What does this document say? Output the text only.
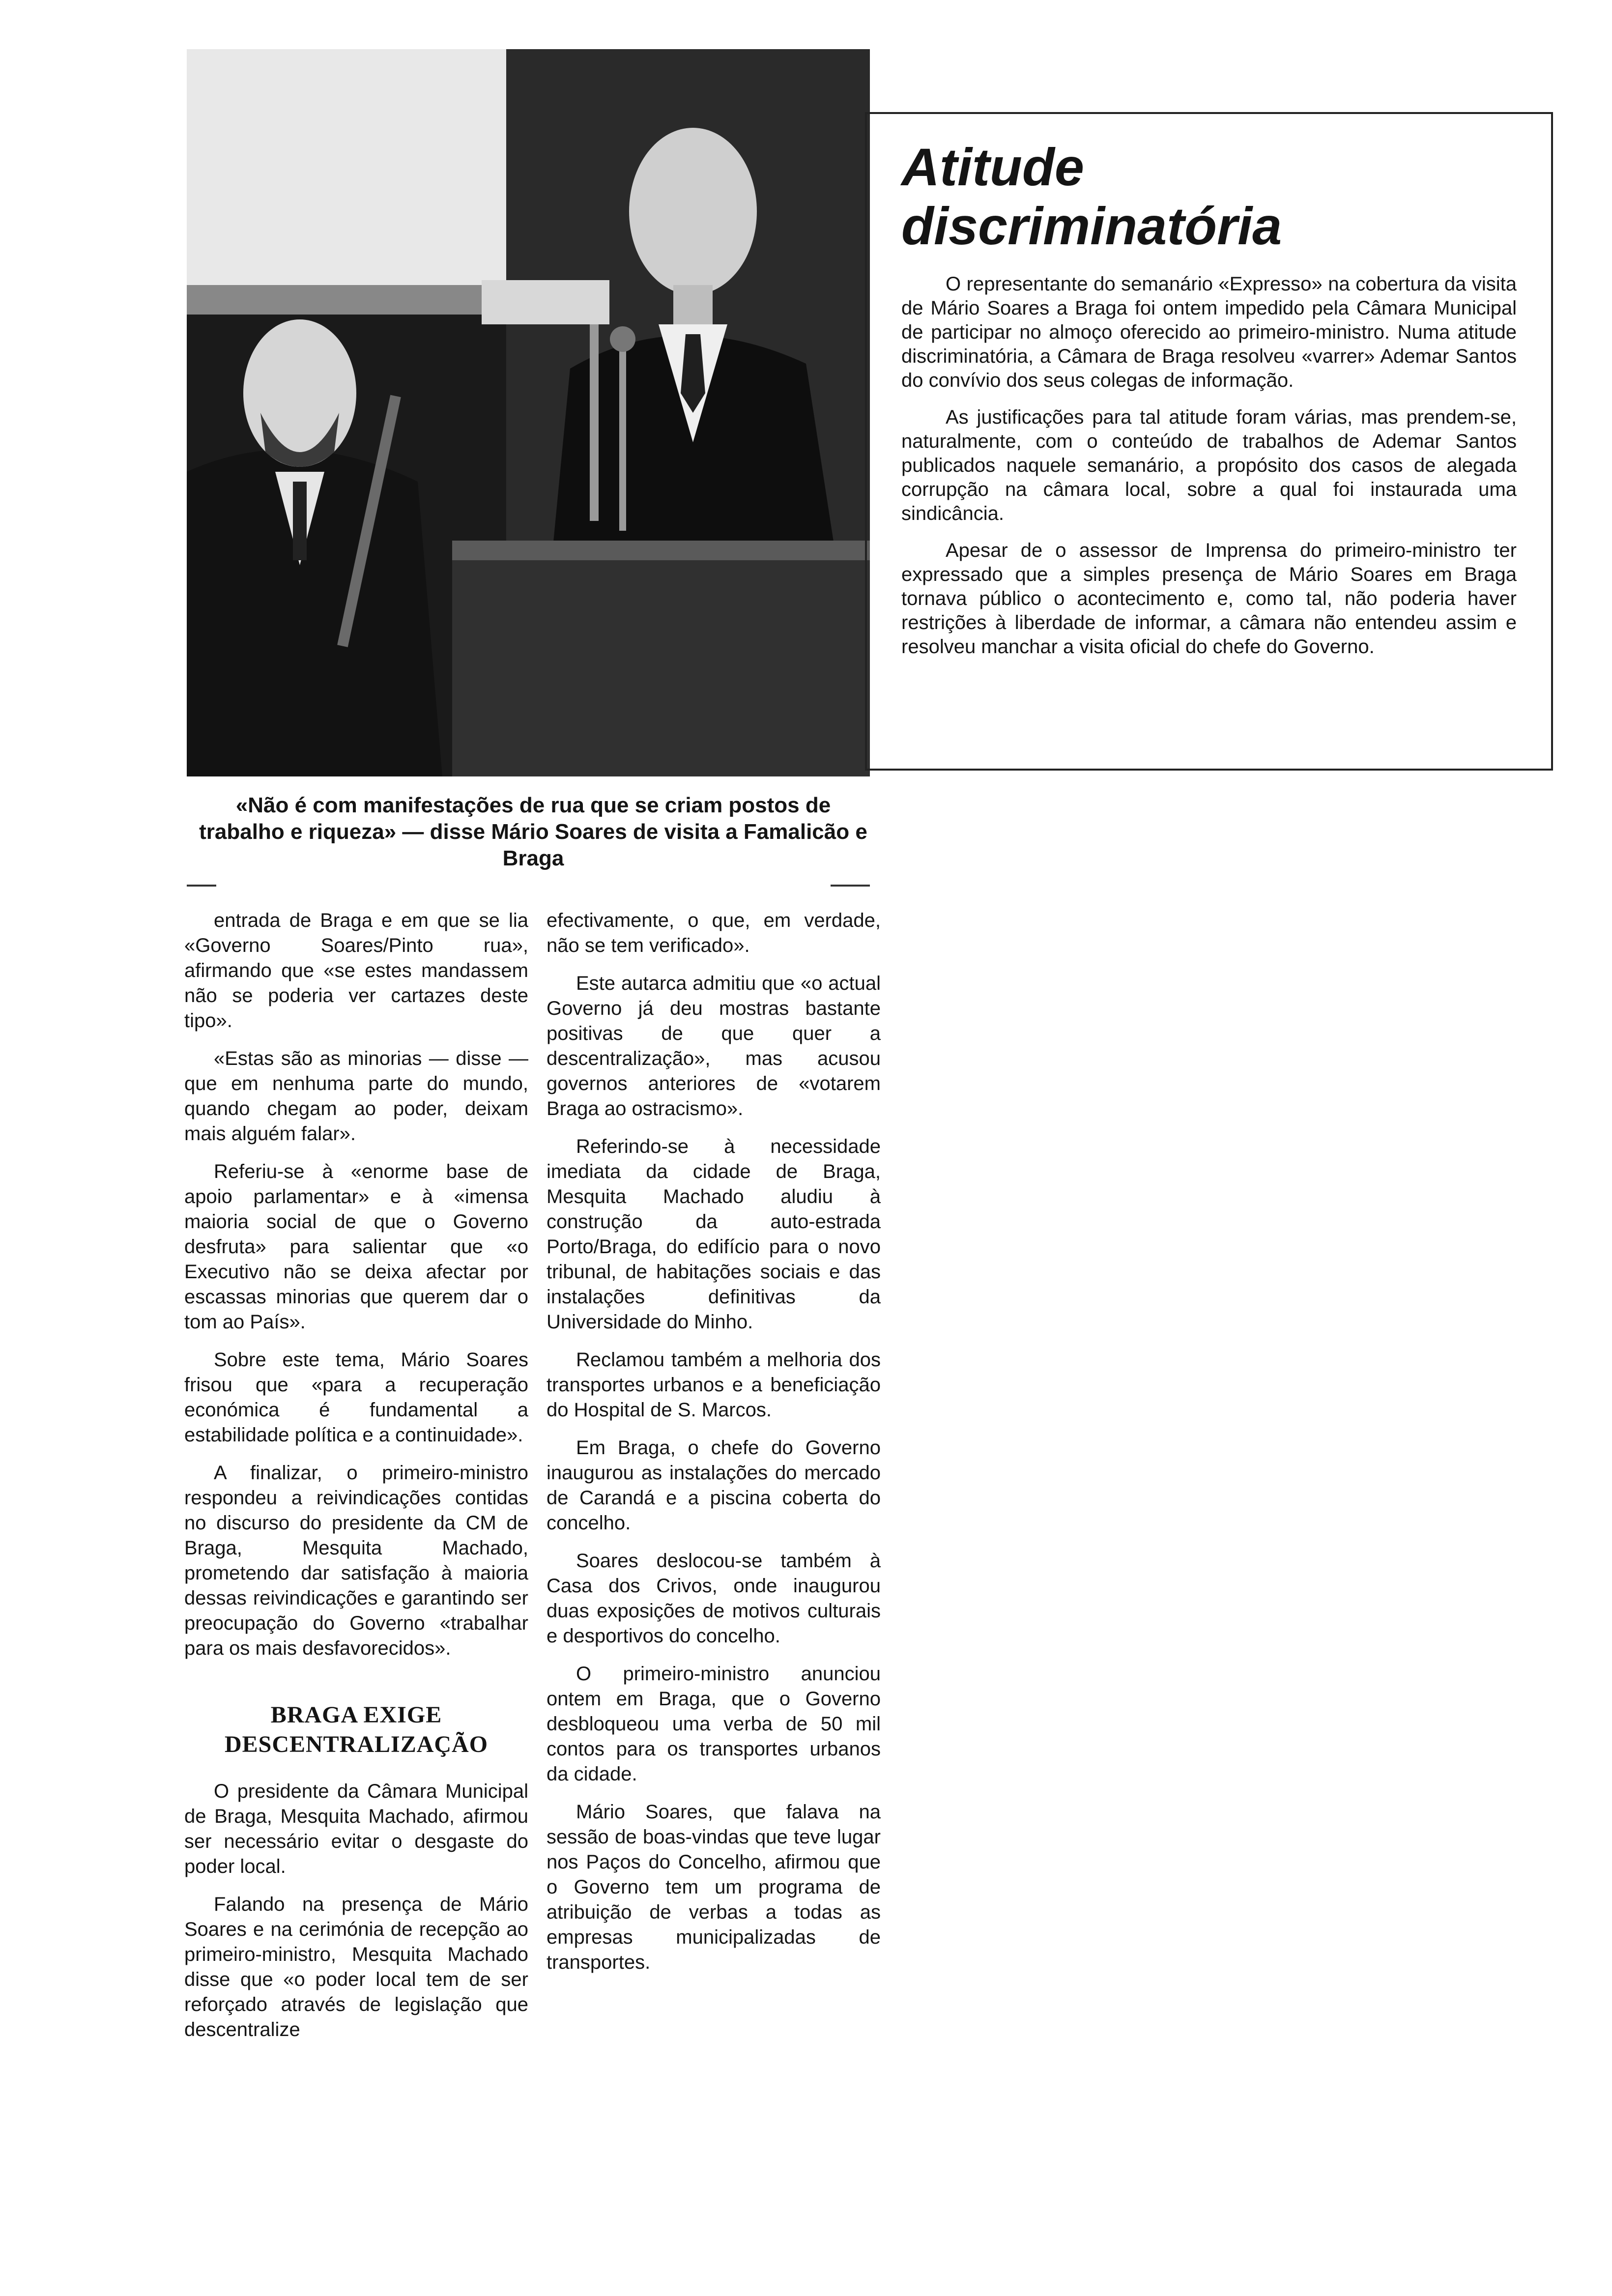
«Não é com manifestações de rua que se criam postos de trabalho e riqueza» — disse Mário Soares de visita a Famalicão e Braga
Atitude
discriminatória

O representante do semanário «Expresso» na cobertura da visita de Mário Soares a Braga foi ontem impedido pela Câmara Municipal de participar no almoço oferecido ao primeiro-ministro. Numa atitude discriminatória, a Câmara de Braga resolveu «varrer» Ademar Santos do convívio dos seus colegas de informação.

As justificações para tal atitude foram várias, mas prendem-se, naturalmente, com o conteúdo de trabalhos de Ademar Santos publicados naquele semanário, a propósito dos casos de alegada corrupção na câmara local, sobre a qual foi instaurada uma sindicância.

Apesar de o assessor de Imprensa do primeiro-ministro ter expressado que a simples presença de Mário Soares em Braga tornava público o acontecimento e, como tal, não poderia haver restrições à liberdade de informar, a câmara não entendeu assim e resolveu manchar a visita oficial do chefe do Governo.

entrada de Braga e em que se lia «Governo Soares/Pinto rua», afirmando que «se estes mandassem não se poderia ver cartazes deste tipo».

«Estas são as minorias — disse — que em nenhuma parte do mundo, quando chegam ao poder, deixam mais alguém falar».

Referiu-se à «enorme base de apoio parlamentar» e à «imensa maioria social de que o Governo desfruta» para salientar que «o Executivo não se deixa afectar por escassas minorias que querem dar o tom ao País».

Sobre este tema, Mário Soares frisou que «para a recuperação económica é fundamental a estabilidade política e a continuidade».

A finalizar, o primeiro-ministro respondeu a reivindicações contidas no discurso do presidente da CM de Braga, Mesquita Machado, prometendo dar satisfação à maioria dessas reivindicações e garantindo ser preocupação do Governo «trabalhar para os mais desfavorecidos».

BRAGA EXIGE
DESCENTRALIZAÇÃO

O presidente da Câmara Municipal de Braga, Mesquita Machado, afirmou ser necessário evitar o desgaste do poder local.

Falando na presença de Mário Soares e na cerimónia de recepção ao primeiro-ministro, Mesquita Machado disse que «o poder local tem de ser reforçado através de legislação que descentralize

efectivamente, o que, em verdade, não se tem verificado».

Este autarca admitiu que «o actual Governo já deu mostras bastante positivas de que quer a descentralização», mas acusou governos anteriores de «votarem Braga ao ostracismo».

Referindo-se à necessidade imediata da cidade de Braga, Mesquita Machado aludiu à construção da auto-estrada Porto/Braga, do edifício para o novo tribunal, de habitações sociais e das instalações definitivas da Universidade do Minho.

Reclamou também a melhoria dos transportes urbanos e a beneficiação do Hospital de S. Marcos.

Em Braga, o chefe do Governo inaugurou as instalações do mercado de Carandá e a piscina coberta do concelho.

Soares deslocou-se também à Casa dos Crivos, onde inaugurou duas exposições de motivos culturais e desportivos do concelho.

O primeiro-ministro anunciou ontem em Braga, que o Governo desbloqueou uma verba de 50 mil contos para os transportes urbanos da cidade.

Mário Soares, que falava na sessão de boas-vindas que teve lugar nos Paços do Concelho, afirmou que o Governo tem um programa de atribuição de verbas a todas as empresas municipalizadas de transportes.
